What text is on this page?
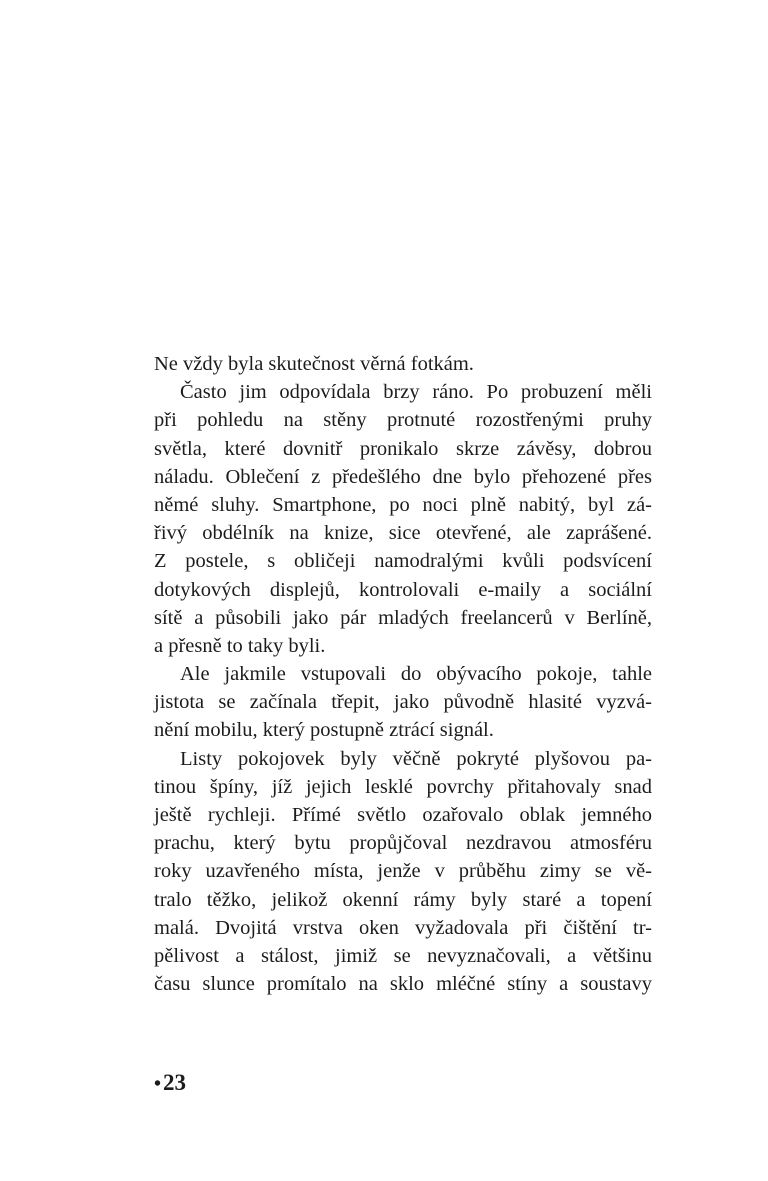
Ne vždy byla skutečnost věrná fotkám.
Často jim odpovídala brzy ráno. Po probuzení měli
při pohledu na stěny protnuté rozostřenými pruhy
světla, které dovnitř pronikalo skrze závěsy, dobrou
náladu. Oblečení z předešlého dne bylo přehozené přes
němé sluhy. Smartphone, po noci plně nabitý, byl zá-
řivý obdélník na knize, sice otevřené, ale zaprášené.
Z postele, s obličeji namodralými kvůli podsvícení
dotykových displejů, kontrolovali e-maily a sociální
sítě a působili jako pár mladých freelancerů v Berlíně,
a přesně to taky byli.
Ale jakmile vstupovali do obývacího pokoje, tahle
jistota se začínala třepit, jako původně hlasité vyzvá-
nění mobilu, který postupně ztrácí signál.
Listy pokojovek byly věčně pokryté plyšovou pa-
tinou špíny, jíž jejich lesklé povrchy přitahovaly snad
ještě rychleji. Přímé světlo ozařovalo oblak jemného
prachu, který bytu propůjčoval nezdravou atmosféru
roky uzavřeného místa, jenže v průběhu zimy se vě-
tralo těžko, jelikož okenní rámy byly staré a topení
malá. Dvojitá vrstva oken vyžadovala při čištění tr-
pělivost a stálost, jimiž se nevyznačovali, a většinu
času slunce promítalo na sklo mléčné stíny a soustavy
•23
